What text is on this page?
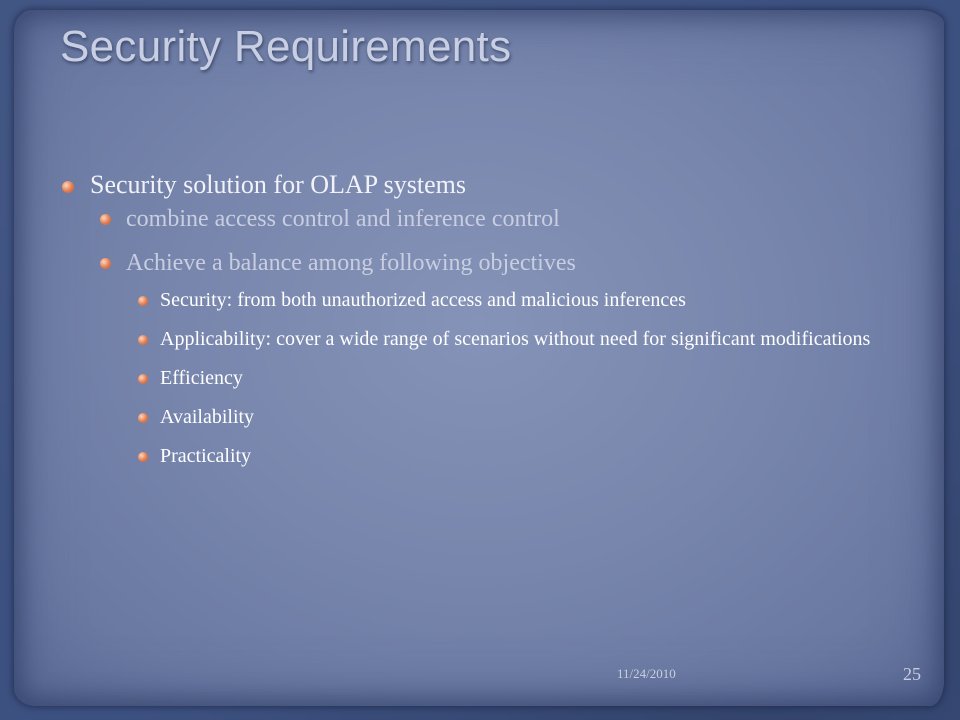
Security Requirements
Security solution for OLAP systems
combine access control and inference control
Achieve a balance among following objectives
Security: from both unauthorized access and malicious inferences
Applicability: cover a wide range of scenarios without need for significant modifications
Efficiency
Availability
Practicality
11/24/2010	25
